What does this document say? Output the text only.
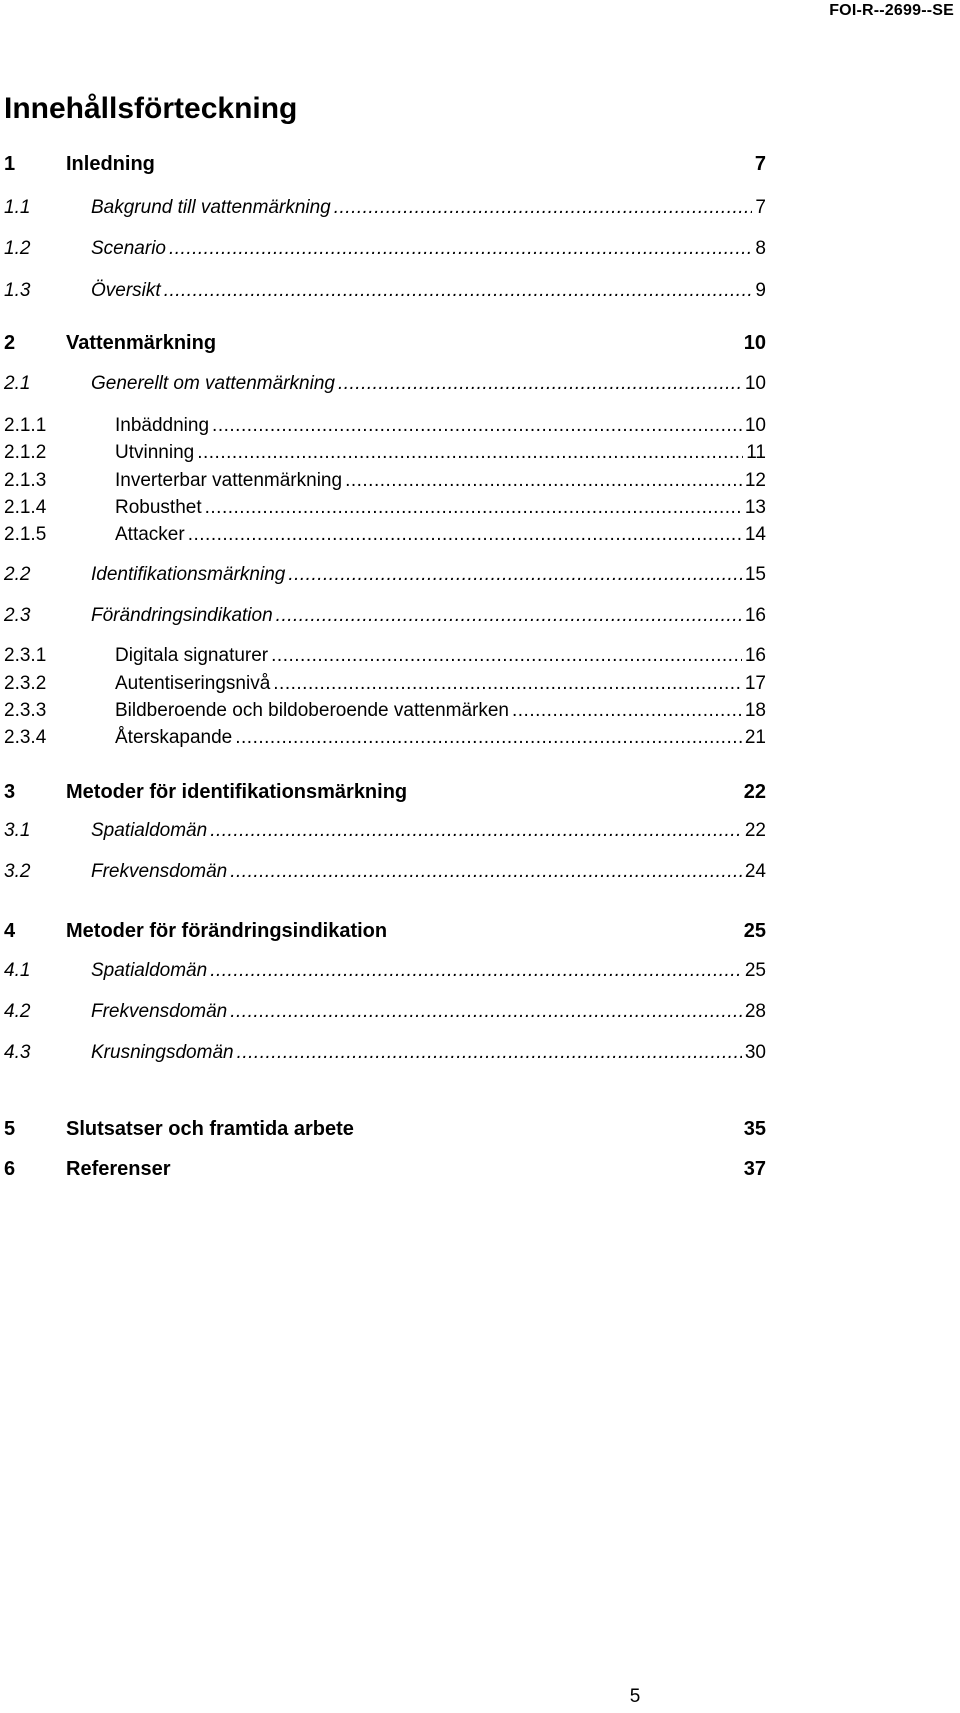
FOI-R--2699--SE
Innehållsförteckning
1	Inledning	7
1.1	Bakgrund till vattenmärkning .....	7
1.2	Scenario .....	8
1.3	Översikt .....	9
2	Vattenmärkning	10
2.1	Generellt om vattenmärkning .....	10
2.1.1	Inbäddning .....	10
2.1.2	Utvinning .....	11
2.1.3	Inverterbar vattenmärkning .....	12
2.1.4	Robusthet .....	13
2.1.5	Attacker .....	14
2.2	Identifikationsmärkning .....	15
2.3	Förändringsindikation .....	16
2.3.1	Digitala signaturer .....	16
2.3.2	Autentiseringsnivå .....	17
2.3.3	Bildberoende och bildoberoende vattenmärken .....	18
2.3.4	Återskapande .....	21
3	Metoder för identifikationsmärkning	22
3.1	Spatialdomän .....	22
3.2	Frekvensdomän .....	24
4	Metoder för förändringsindikation	25
4.1	Spatialdomän .....	25
4.2	Frekvensdomän .....	28
4.3	Krusningsdomän .....	30
5	Slutsatser och framtida arbete	35
6	Referenser	37
5
